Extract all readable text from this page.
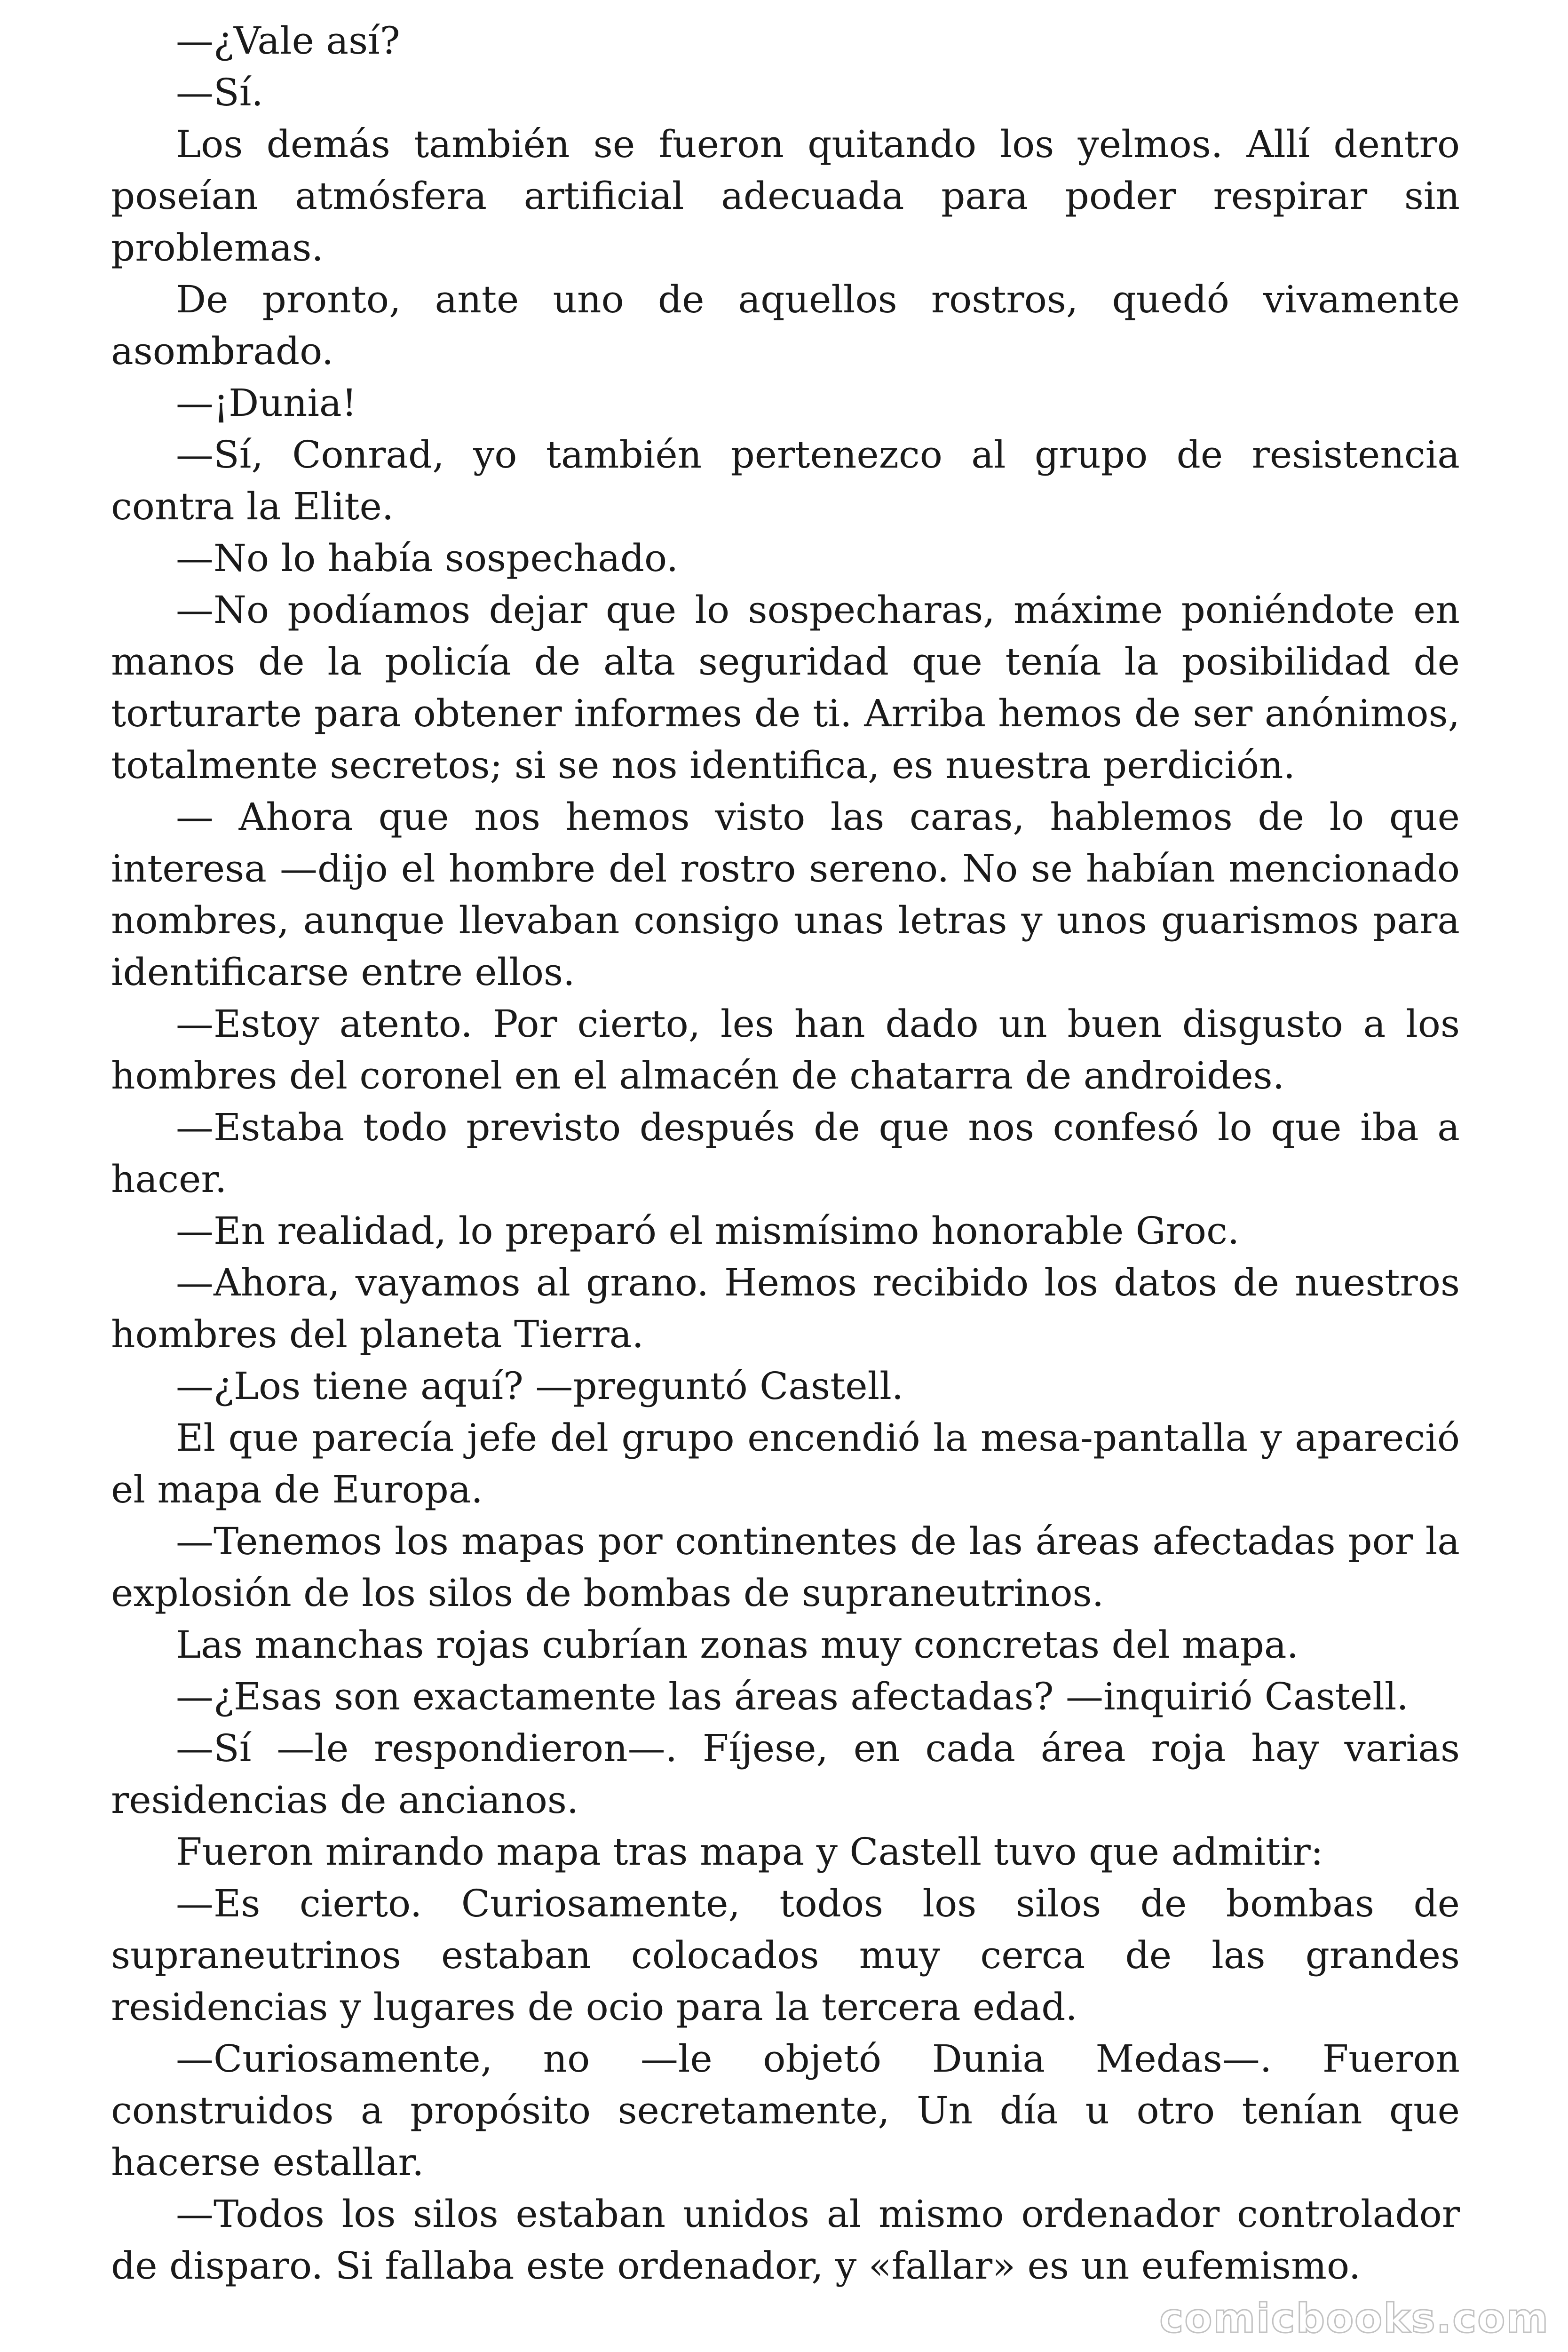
—¿Vale así?

—Sí.

Los demás también se fueron quitando los yelmos. Allí dentro poseían atmósfera artificial adecuada para poder respirar sin problemas.

De pronto, ante uno de aquellos rostros, quedó vivamente asombrado.

—¡Dunia!

—Sí, Conrad, yo también pertenezco al grupo de resistencia contra la Elite.

—No lo había sospechado.

—No podíamos dejar que lo sospecharas, máxime poniéndote en manos de la policía de alta seguridad que tenía la posibilidad de torturarte para obtener informes de ti. Arriba hemos de ser anónimos, totalmente secretos; si se nos identifica, es nuestra perdición.

— Ahora que nos hemos visto las caras, hablemos de lo que interesa —dijo el hombre del rostro sereno. No se habían mencionado nombres, aunque llevaban consigo unas letras y unos guarismos para identificarse entre ellos.

—Estoy atento. Por cierto, les han dado un buen disgusto a los hombres del coronel en el almacén de chatarra de androides.

—Estaba todo previsto después de que nos confesó lo que iba a hacer.

—En realidad, lo preparó el mismísimo honorable Groc.

—Ahora, vayamos al grano. Hemos recibido los datos de nuestros hombres del planeta Tierra.

—¿Los tiene aquí? —preguntó Castell.

El que parecía jefe del grupo encendió la mesa-pantalla y apareció el mapa de Europa.

—Tenemos los mapas por continentes de las áreas afectadas por la explosión de los silos de bombas de supraneutrinos.

Las manchas rojas cubrían zonas muy concretas del mapa.

—¿Esas son exactamente las áreas afectadas? —inquirió Castell.

—Sí —le respondieron—. Fíjese, en cada área roja hay varias residencias de ancianos.

Fueron mirando mapa tras mapa y Castell tuvo que admitir:

—Es cierto. Curiosamente, todos los silos de bombas de supraneutrinos estaban colocados muy cerca de las grandes residencias y lugares de ocio para la tercera edad.

—Curiosamente, no —le objetó Dunia Medas—. Fueron construidos a propósito secretamente, Un día u otro tenían que hacerse estallar.

—Todos los silos estaban unidos al mismo ordenador controlador de disparo. Si fallaba este ordenador, y «fallar» es un eufemismo.

comicbooks.com
